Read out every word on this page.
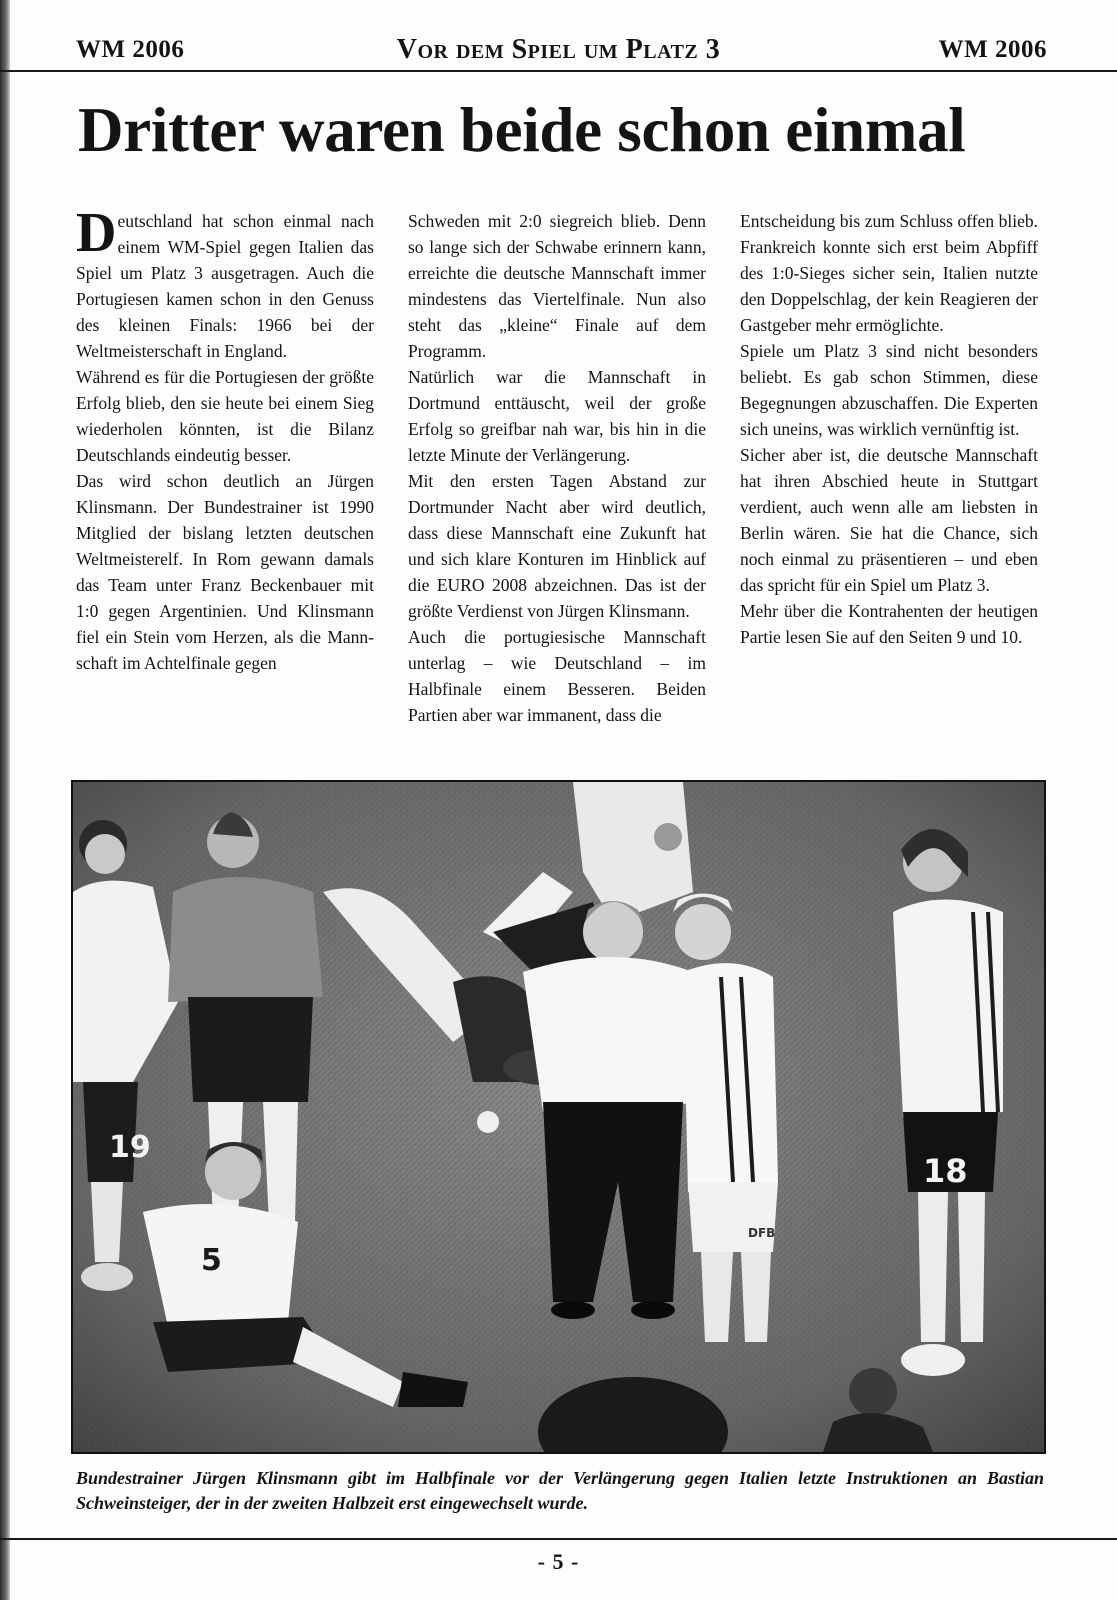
WM 2006	Vor dem Spiel um Platz 3	WM 2006
Dritter waren beide schon einmal

Deutschland hat schon einmal nach einem WM-Spiel gegen Italien das Spiel um Platz 3 ausgetragen. Auch die Portugiesen kamen schon in den Genuss des kleinen Finals: 1966 bei der Weltmeisterschaft in England.

Während es für die Portugiesen der größte Erfolg blieb, den sie heute bei einem Sieg wiederholen könnten, ist die Bilanz Deutschlands eindeutig besser.

Das wird schon deutlich an Jürgen Klinsmann. Der Bundestrainer ist 1990 Mitglied der bislang letzten deutschen Weltmeisterelf. In Rom gewann damals das Team unter Franz Beckenbauer mit 1:0 gegen Argentinien. Und Klinsmann fiel ein Stein vom Herzen, als die Mannschaft im Achtelfinale gegen

Schweden mit 2:0 siegreich blieb. Denn so lange sich der Schwabe erinnern kann, erreichte die deutsche Mannschaft immer mindestens das Viertelfinale. Nun also steht das „kleine“ Finale auf dem Programm.

Natürlich war die Mannschaft in Dortmund enttäuscht, weil der große Erfolg so greifbar nah war, bis hin in die letzte Minute der Verlängerung.

Mit den ersten Tagen Abstand zur Dortmunder Nacht aber wird deutlich, dass diese Mannschaft eine Zukunft hat und sich klare Konturen im Hinblick auf die EURO 2008 abzeichnen. Das ist der größte Verdienst von Jürgen Klinsmann.

Auch die portugiesische Mannschaft unterlag – wie Deutschland – im Halbfinale einem Besseren. Beiden Partien aber war immanent, dass die

Entscheidung bis zum Schluss offen blieb. Frankreich konnte sich erst beim Abpfiff des 1:0-Sieges sicher sein, Italien nutzte den Doppelschlag, der kein Reagieren der Gastgeber mehr ermöglichte.

Spiele um Platz 3 sind nicht besonders beliebt. Es gab schon Stimmen, diese Begegnungen abzuschaffen. Die Experten sich uneins, was wirklich vernünftig ist.

Sicher aber ist, die deutsche Mannschaft hat ihren Abschied heute in Stuttgart verdient, auch wenn alle am liebsten in Berlin wären. Sie hat die Chance, sich noch einmal zu präsentieren – und eben das spricht für ein Spiel um Platz 3.

Mehr über die Kontrahenten der heutigen Partie lesen Sie auf den Seiten 9 und 10.

19
DFB
18
5
Bundestrainer Jürgen Klinsmann gibt im Halbfinale vor der Verlängerung gegen Italien letzte Instruktionen an Bastian Schweinsteiger, der in der zweiten Halbzeit erst eingewechselt wurde.
- 5 -
